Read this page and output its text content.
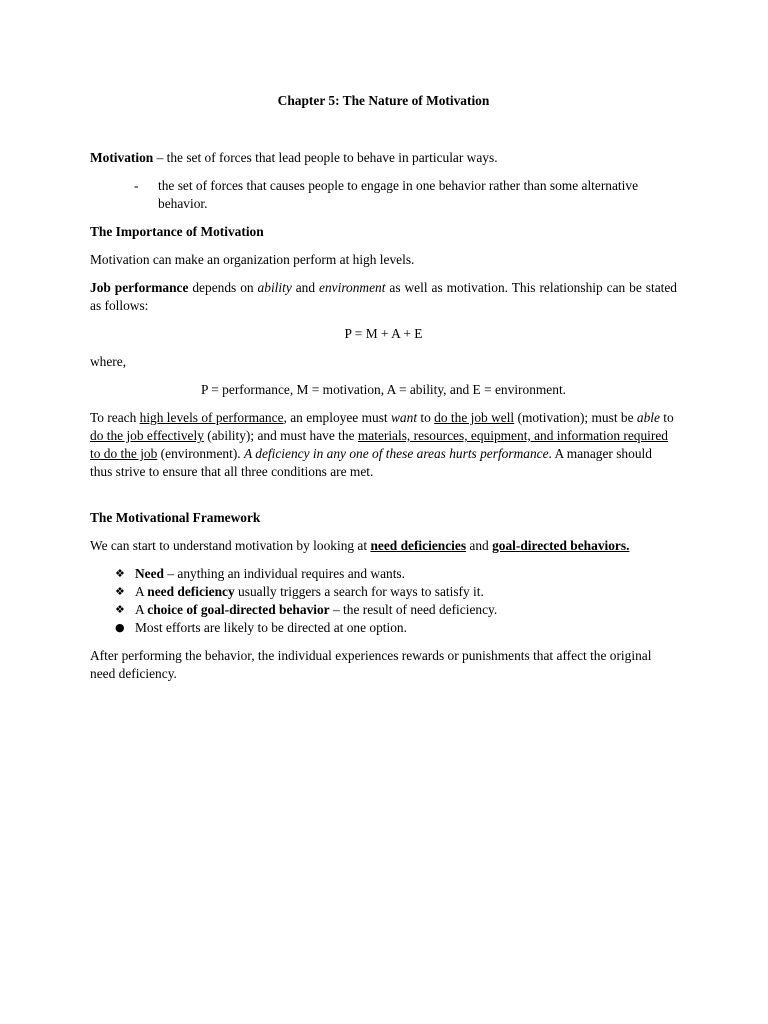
Chapter 5: The Nature of Motivation

Motivation – the set of forces that lead people to behave in particular ways.

- the set of forces that causes people to engage in one behavior rather than some alternative behavior.

The Importance of Motivation

Motivation can make an organization perform at high levels.

Job performance depends on ability and environment as well as motivation. This relationship can be stated as follows:

P = M + A + E

where,

P = performance, M = motivation, A = ability, and E = environment.

To reach high levels of performance, an employee must want to do the job well (motivation); must be able to do the job effectively (ability); and must have the materials, resources, equipment, and information required to do the job (environment). A deficiency in any one of these areas hurts performance. A manager should thus strive to ensure that all three conditions are met.

The Motivational Framework

We can start to understand motivation by looking at need deficiencies and goal-directed behaviors.

❖ Need – anything an individual requires and wants.
❖ A need deficiency usually triggers a search for ways to satisfy it.
❖ A choice of goal-directed behavior – the result of need deficiency.
● Most efforts are likely to be directed at one option.

After performing the behavior, the individual experiences rewards or punishments that affect the original need deficiency.
